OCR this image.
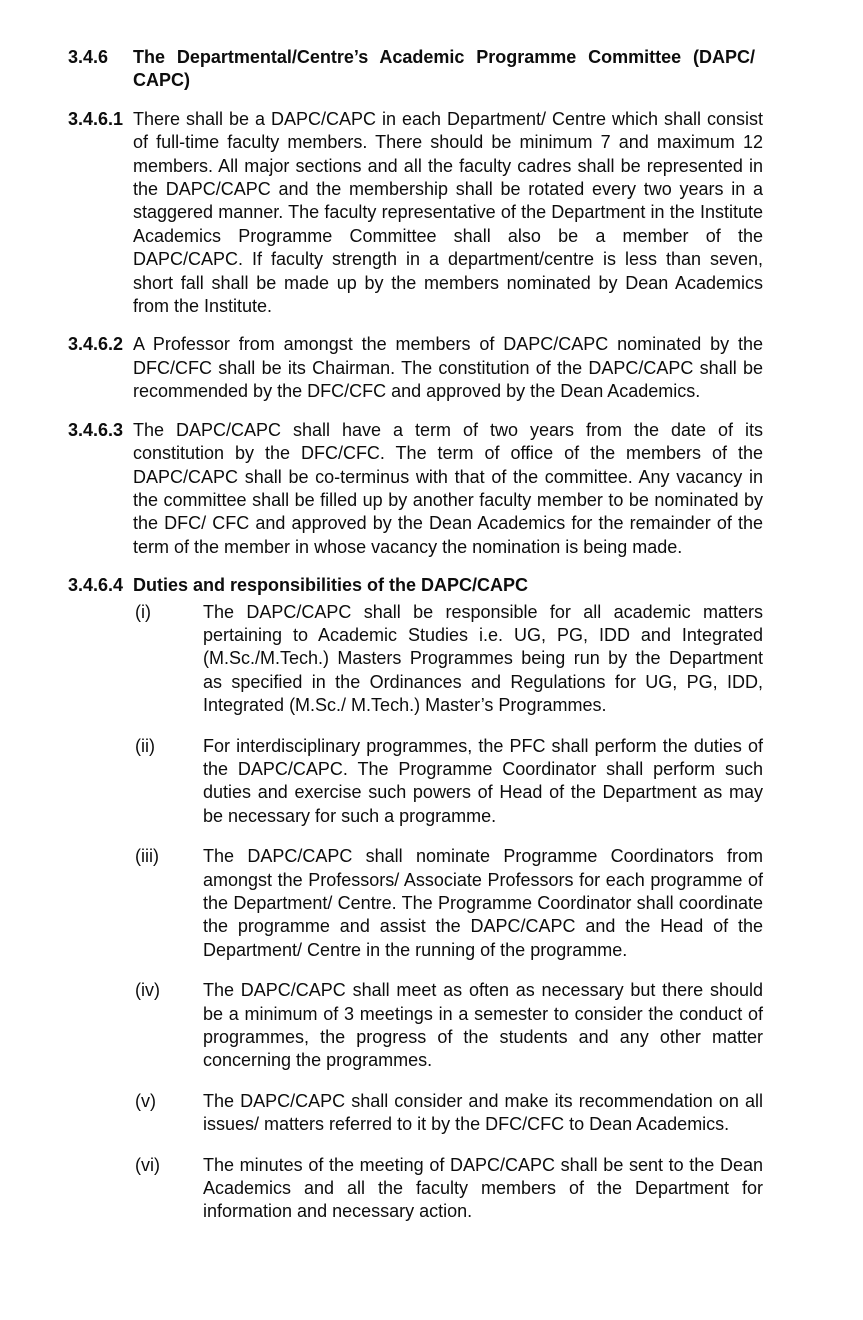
3.4.6	The Departmental/Centre’s Academic Programme Committee (DAPC/ CAPC)

3.4.6.1 There shall be a DAPC/CAPC in each Department/ Centre which shall consist of full-time faculty members. There should be minimum 7 and maximum 12 members. All major sections and all the faculty cadres shall be represented in the DAPC/CAPC and the membership shall be rotated every two years in a staggered manner. The faculty representative of the Department in the Institute Academics Programme Committee shall also be a member of the DAPC/CAPC. If faculty strength in a department/centre is less than seven, short fall shall be made up by the members nominated by Dean Academics from the Institute.

3.4.6.2 A Professor from amongst the members of DAPC/CAPC nominated by the DFC/CFC shall be its Chairman. The constitution of the DAPC/CAPC shall be recommended by the DFC/CFC and approved by the Dean Academics.

3.4.6.3 The DAPC/CAPC shall have a term of two years from the date of its constitution by the DFC/CFC. The term of office of the members of the DAPC/CAPC shall be co-terminus with that of the committee. Any vacancy in the committee shall be filled up by another faculty member to be nominated by the DFC/ CFC and approved by the Dean Academics for the remainder of the term of the member in whose vacancy the nomination is being made.

3.4.6.4 Duties and responsibilities of the DAPC/CAPC

(i)	The DAPC/CAPC shall be responsible for all academic matters pertaining to Academic Studies i.e. UG, PG, IDD and Integrated (M.Sc./M.Tech.) Masters Programmes being run by the Department as specified in the Ordinances and Regulations for UG, PG, IDD, Integrated (M.Sc./ M.Tech.) Master’s Programmes.

(ii)	For interdisciplinary programmes, the PFC shall perform the duties of the DAPC/CAPC. The Programme Coordinator shall perform such duties and exercise such powers of Head of the Department as may be necessary for such a programme.

(iii)	The DAPC/CAPC shall nominate Programme Coordinators from amongst the Professors/ Associate Professors for each programme of the Department/ Centre. The Programme Coordinator shall coordinate the programme and assist the DAPC/CAPC and the Head of the Department/ Centre in the running of the programme.

(iv)	The DAPC/CAPC shall meet as often as necessary but there should be a minimum of 3 meetings in a semester to consider the conduct of programmes, the progress of the students and any other matter concerning the programmes.

(v)	The DAPC/CAPC shall consider and make its recommendation on all issues/ matters referred to it by the DFC/CFC to Dean Academics.

(vi)	The minutes of the meeting of DAPC/CAPC shall be sent to the Dean Academics and all the faculty members of the Department for information and necessary action.
